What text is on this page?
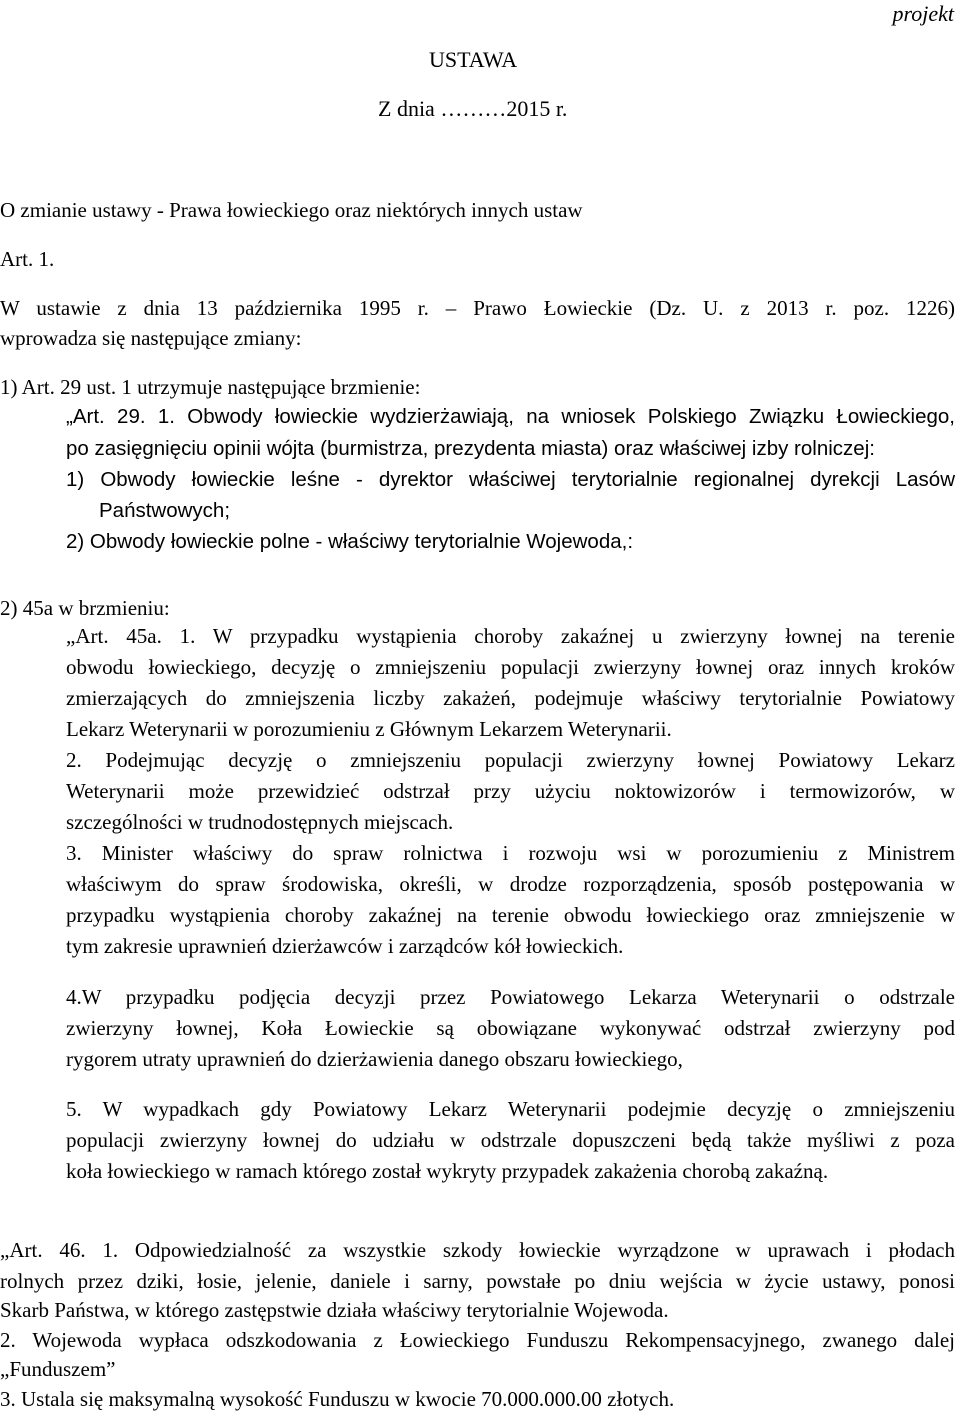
projekt

USTAWA

Z dnia ………2015 r.

O zmianie ustawy - Prawa łowieckiego oraz niektórych innych ustaw

Art. 1.

W ustawie z dnia 13 października 1995 r. – Prawo Łowieckie (Dz. U. z 2013 r. poz. 1226)

wprowadza się następujące zmiany:

1) Art. 29 ust. 1 utrzymuje następujące brzmienie:

„Art. 29. 1. Obwody łowieckie wydzierżawiają, na wniosek Polskiego Związku Łowieckiego,

po zasięgnięciu opinii wójta (burmistrza, prezydenta miasta) oraz właściwej izby rolniczej:

1) Obwody łowieckie leśne - dyrektor właściwej terytorialnie regionalnej dyrekcji Lasów

Państwowych;

2) Obwody łowieckie polne - właściwy terytorialnie Wojewoda,:

2) 45a w brzmieniu:

„Art. 45a. 1. W przypadku wystąpienia choroby zakaźnej u zwierzyny łownej na terenie

obwodu łowieckiego, decyzję o zmniejszeniu populacji zwierzyny łownej oraz innych kroków

zmierzających do zmniejszenia liczby zakażeń, podejmuje właściwy terytorialnie Powiatowy

Lekarz Weterynarii w porozumieniu z Głównym Lekarzem Weterynarii.

2. Podejmując decyzję o zmniejszeniu populacji zwierzyny łownej Powiatowy Lekarz

Weterynarii może przewidzieć odstrzał przy użyciu noktowizorów i termowizorów, w

szczególności w trudnodostępnych miejscach.

3. Minister właściwy do spraw rolnictwa i rozwoju wsi w porozumieniu z Ministrem

właściwym do spraw środowiska, określi, w drodze rozporządzenia, sposób postępowania w

przypadku wystąpienia choroby zakaźnej na terenie obwodu łowieckiego oraz zmniejszenie w

tym zakresie uprawnień dzierżawców i zarządców kół łowieckich.

4.W przypadku podjęcia decyzji przez Powiatowego Lekarza Weterynarii o odstrzale

zwierzyny łownej, Koła Łowieckie są obowiązane wykonywać odstrzał zwierzyny pod

rygorem utraty uprawnień do dzierżawienia danego obszaru łowieckiego,

5. W wypadkach gdy Powiatowy Lekarz Weterynarii podejmie decyzję o zmniejszeniu

populacji zwierzyny łownej do udziału w odstrzale dopuszczeni będą także myśliwi z poza

koła łowieckiego w ramach którego został wykryty przypadek zakażenia chorobą zakaźną.

„Art. 46. 1. Odpowiedzialność za wszystkie szkody łowieckie wyrządzone w uprawach i płodach

rolnych przez dziki, łosie, jelenie, daniele i sarny, powstałe po dniu wejścia w życie ustawy, ponosi

Skarb Państwa, w którego zastępstwie działa właściwy terytorialnie Wojewoda.

2. Wojewoda wypłaca odszkodowania z Łowieckiego Funduszu Rekompensacyjnego, zwanego dalej

„Funduszem”

3. Ustala się maksymalną wysokość Funduszu w kwocie 70.000.000.00 złotych.
